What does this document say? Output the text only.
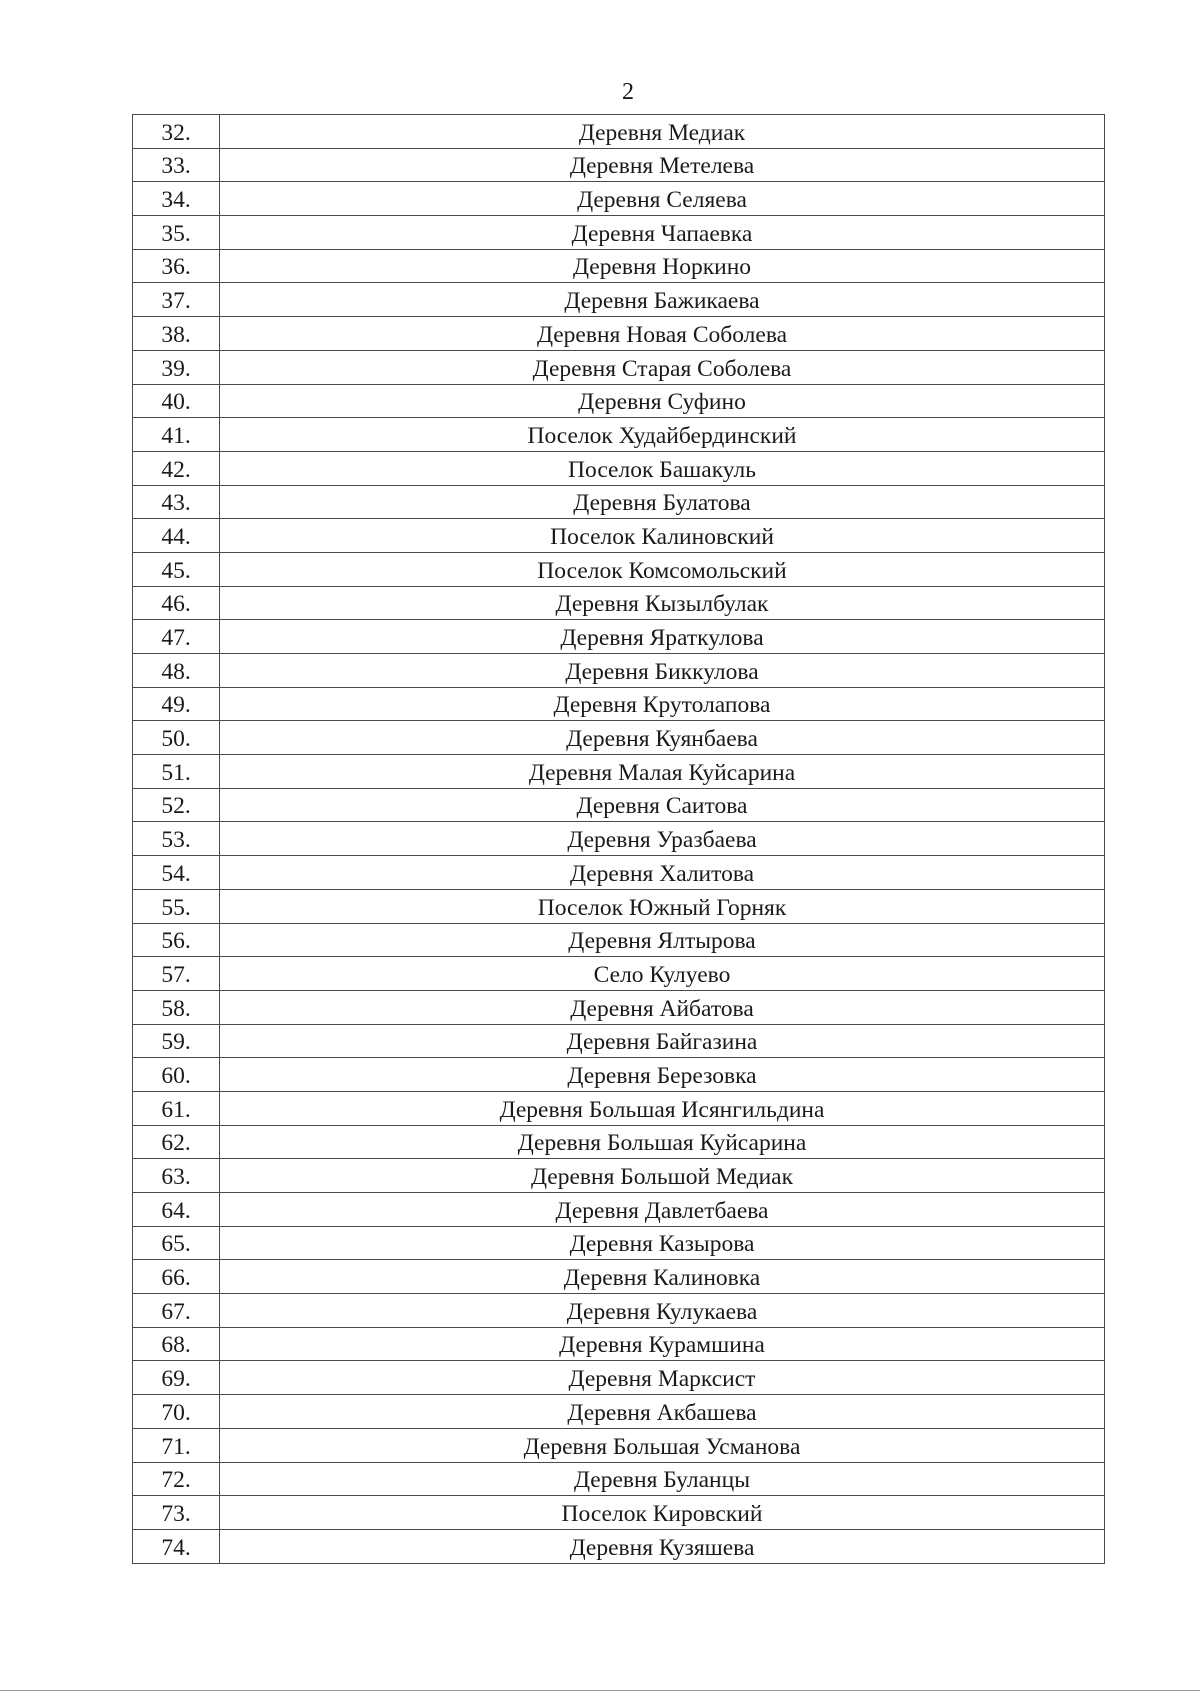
2
32.	Деревня Медиак
33.	Деревня Метелева
34.	Деревня Селяева
35.	Деревня Чапаевка
36.	Деревня Норкино
37.	Деревня Бажикаева
38.	Деревня Новая Соболева
39.	Деревня Старая Соболева
40.	Деревня Суфино
41.	Поселок Худайбердинский
42.	Поселок Башакуль
43.	Деревня Булатова
44.	Поселок Калиновский
45.	Поселок Комсомольский
46.	Деревня Кызылбулак
47.	Деревня Яраткулова
48.	Деревня Биккулова
49.	Деревня Крутолапова
50.	Деревня Куянбаева
51.	Деревня Малая Куйсарина
52.	Деревня Саитова
53.	Деревня Уразбаева
54.	Деревня Халитова
55.	Поселок Южный Горняк
56.	Деревня Ялтырова
57.	Село Кулуево
58.	Деревня Айбатова
59.	Деревня Байгазина
60.	Деревня Березовка
61.	Деревня Большая Исянгильдина
62.	Деревня Большая Куйсарина
63.	Деревня Большой Медиак
64.	Деревня Давлетбаева
65.	Деревня Казырова
66.	Деревня Калиновка
67.	Деревня Кулукаева
68.	Деревня Курамшина
69.	Деревня Марксист
70.	Деревня Акбашева
71.	Деревня Большая Усманова
72.	Деревня Буланцы
73.	Поселок Кировский
74.	Деревня Кузяшева
